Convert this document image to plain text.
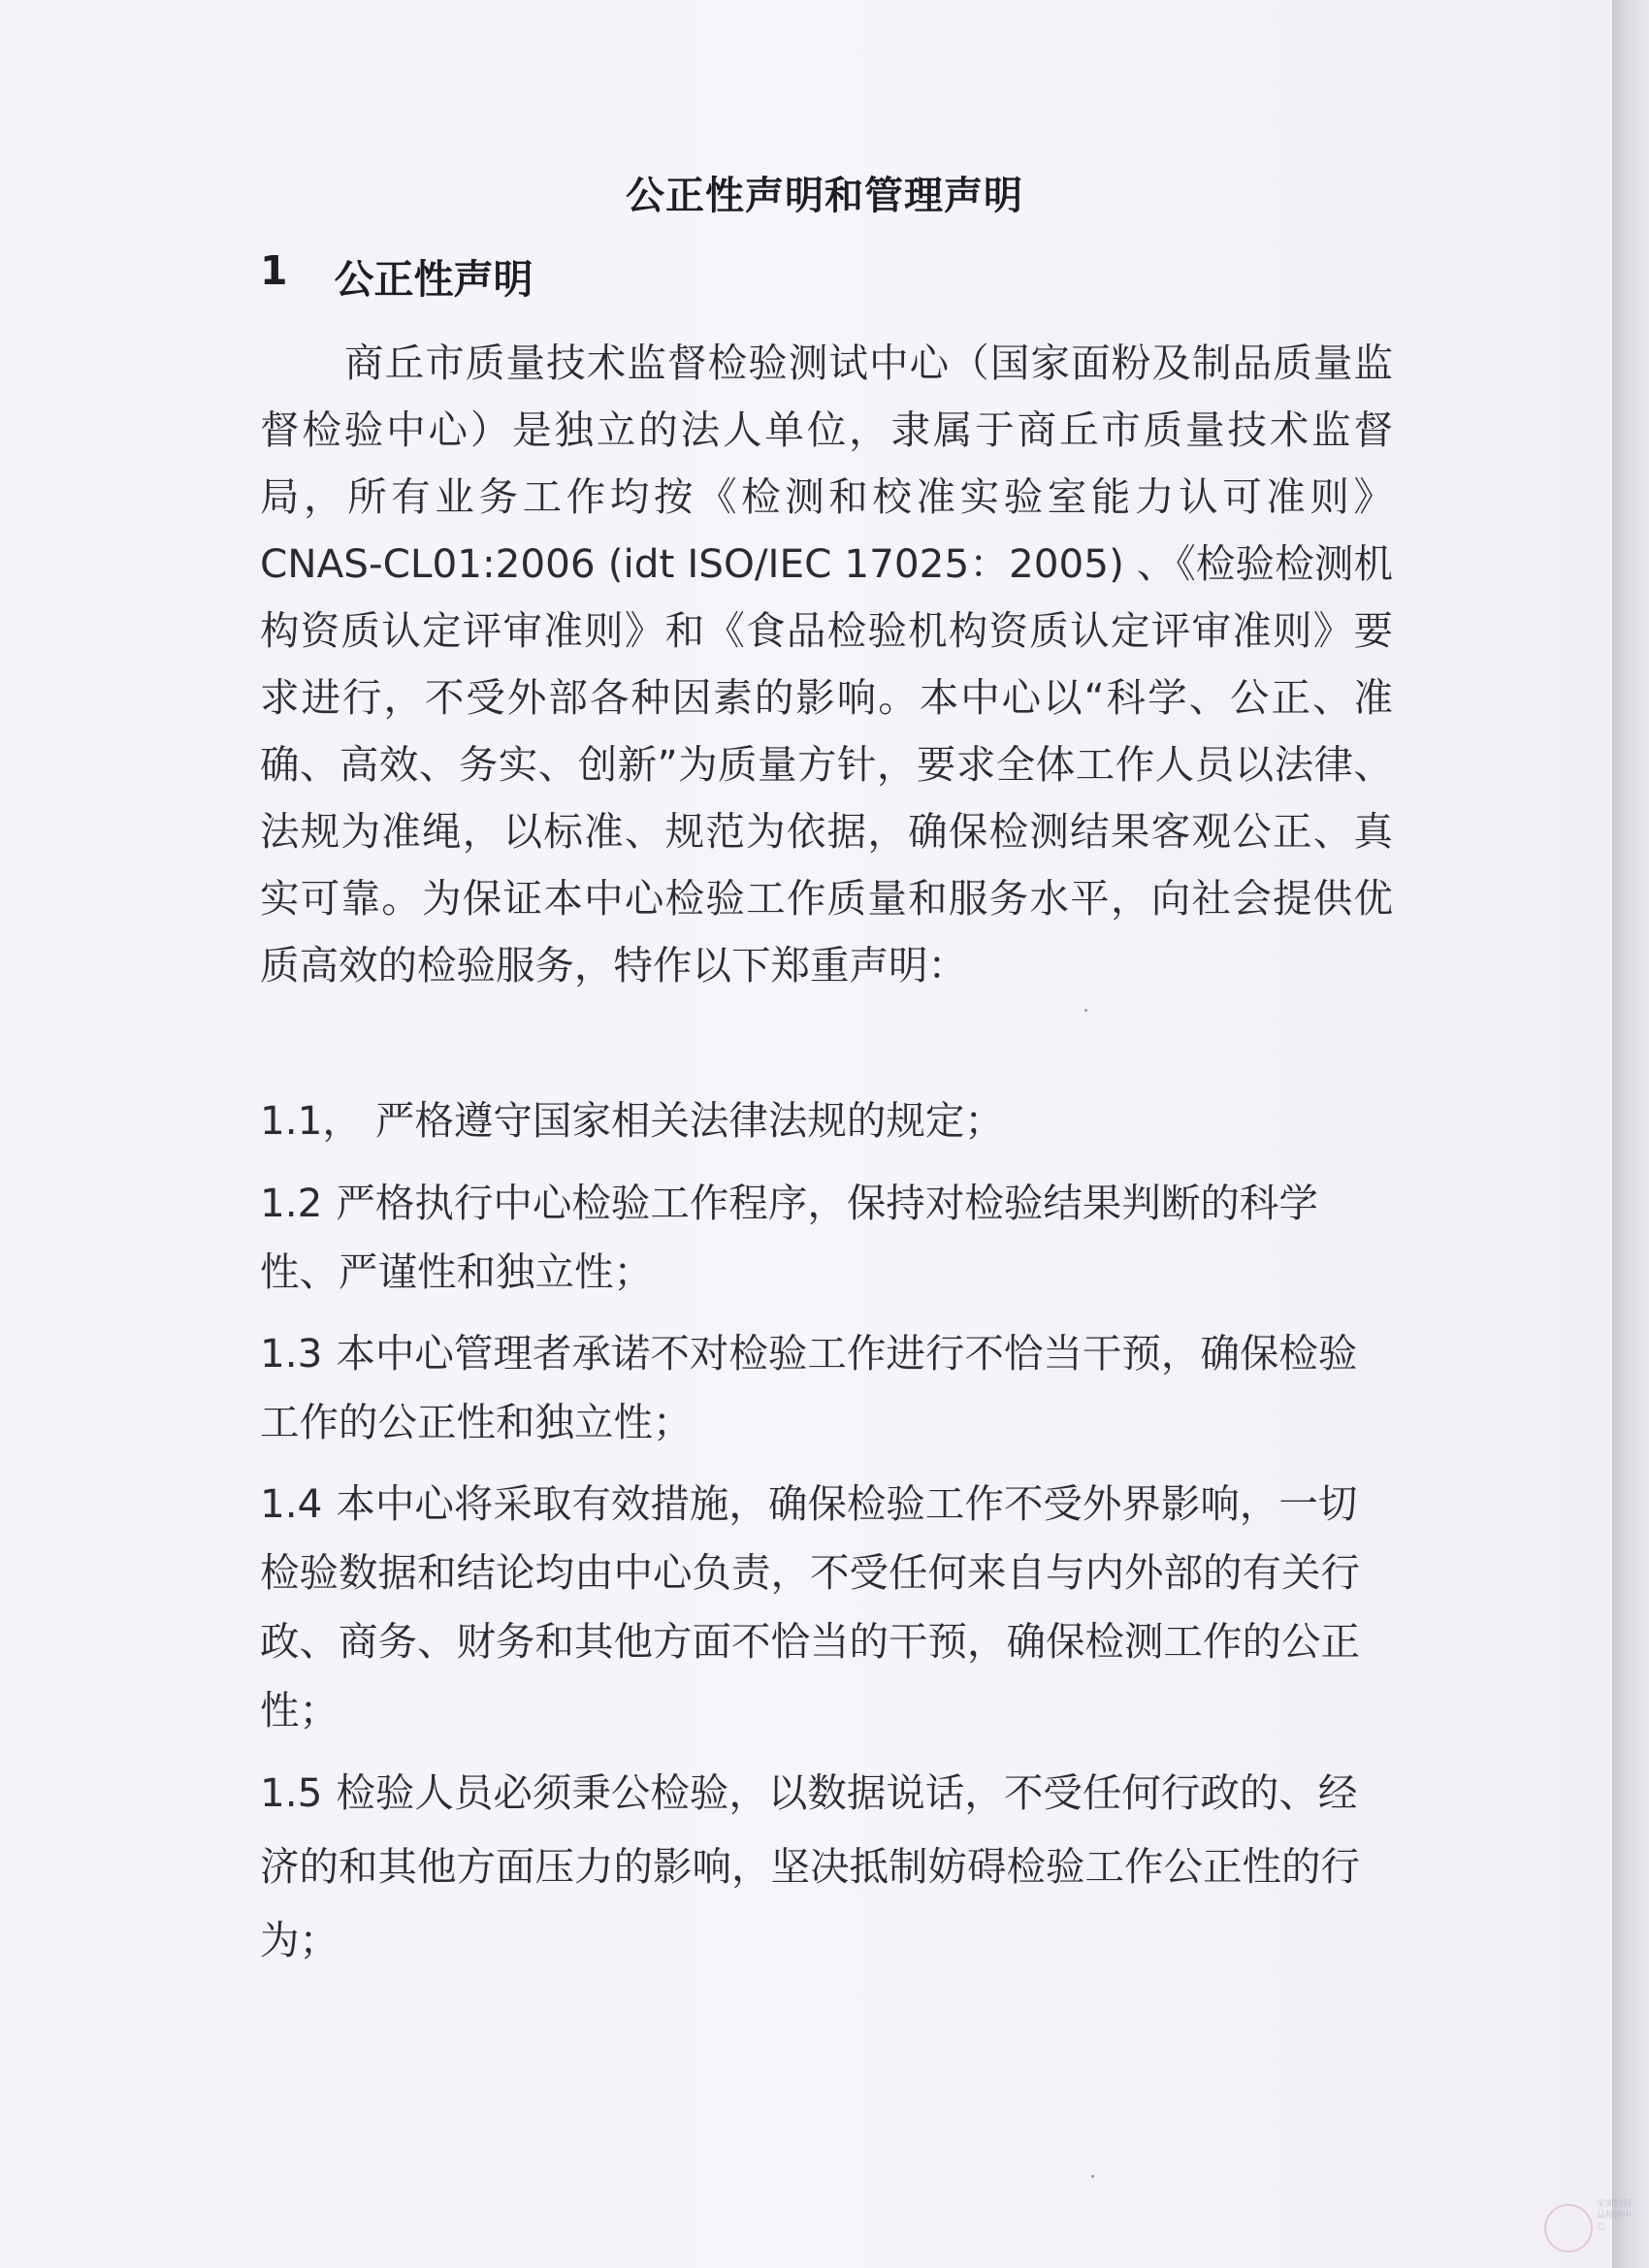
公正性声明和管理声明
1 公正性声明

商丘市质量技术监督检验测试中心（国家面粉及制品质量监督检验中心）是独立的法人单位，隶属于商丘市质量技术监督局，所有业务工作均按《检测和校准实验室能力认可准则》CNAS-CL01:2006 (idt ISO/IEC 17025：2005) 、《检验检测机构资质认定评审准则》和《食品检验机构资质认定评审准则》要求进行，不受外部各种因素的影响。本中心以“科学、公正、准确、高效、务实、创新”为质量方针，要求全体工作人员以法律、法规为准绳，以标准、规范为依据，确保检测结果客观公正、真实可靠。为保证本中心检验工作质量和服务水平，向社会提供优质高效的检验服务，特作以下郑重声明：

1.1， 严格遵守国家相关法律法规的规定；

1.2 严格执行中心检验工作程序，保持对检验结果判断的科学性、严谨性和独立性；

1.3 本中心管理者承诺不对检验工作进行不恰当干预，确保检验工作的公正性和独立性；

1.4 本中心将采取有效措施，确保检验工作不受外界影响，一切检验数据和结论均由中心负责，不受任何来自与内外部的有关行政、商务、财务和其他方面不恰当的干预，确保检测工作的公正性；

1.5 检验人员必须秉公检验，以数据说话，不受任何行政的、经济的和其他方面压力的影响，坚决抵制妨碍检验工作公正性的行为；

家面粉制品检测中心
